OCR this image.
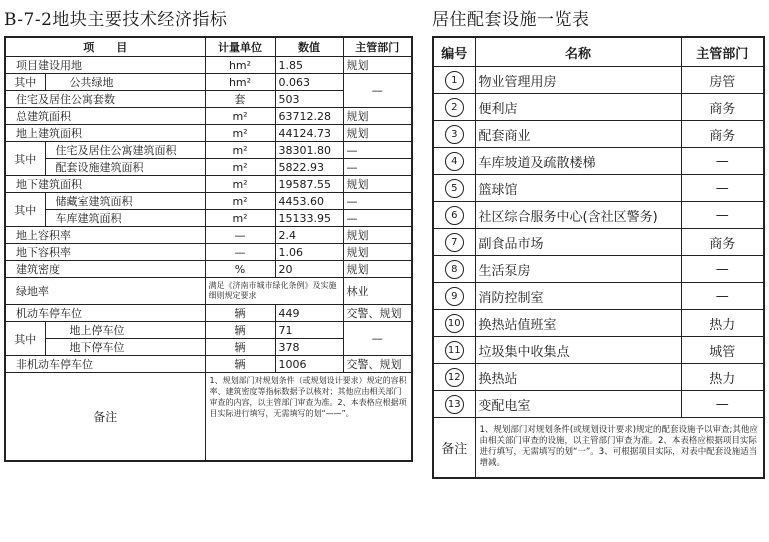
B-7-2地块主要技术经济指标	居住配套设施一览表
项　　目		计量单位	数值	主管部门
项目建设用地		hm²	1.85	规划
其中	公共绿地	hm²	0.063	—
住宅及居住公寓套数		套	503	
总建筑面积		m²	63712.28	规划
地上建筑面积		m²	44124.73	规划
其中	住宅及居住公寓建筑面积	m²	38301.80	—
	配套设施建筑面积	m²	5822.93	—
地下建筑面积		m²	19587.55	规划
其中	储藏室建筑面积	m²	4453.60	—
	车库建筑面积	m²	15133.95	—
地上容积率		—	2.4	规划
地下容积率		—	1.06	规划
建筑密度		%	20	规划
绿地率		满足《济南市城市绿化条例》及实施细则规定要求		林业
机动车停车位		辆	449	交警、规划
其中	地上停车位	辆	71	—
	地下停车位	辆	378	
非机动车停车位		辆	1006	交警、规划
备注		1、规划部门对规划条件（或规划设计要求）规定的容积率、建筑密度等指标数据予以核对；其他应由相关部门审查的内容，以主管部门审查为准。2、本表格应根据项目实际进行填写，无需填写的划“——”。		
编号	名称	主管部门
1	物业管理用房	房管
2	便利店	商务
3	配套商业	商务
4	车库坡道及疏散楼梯	—
5	篮球馆	—
6	社区综合服务中心(含社区警务)	—
7	副食品市场	商务
8	生活泵房	—
9	消防控制室	—
10	换热站值班室	热力
11	垃圾集中收集点	城管
12	换热站	热力
13	变配电室	—
备注	1、规划部门对规划条件(或规划设计要求)规定的配套设施予以审查;其他应由相关部门审查的设施，以主管部门审查为准。2、本表格应根据项目实际进行填写，无需填写的划“一”。3、可根据项目实际，对表中配套设施适当增减。	
